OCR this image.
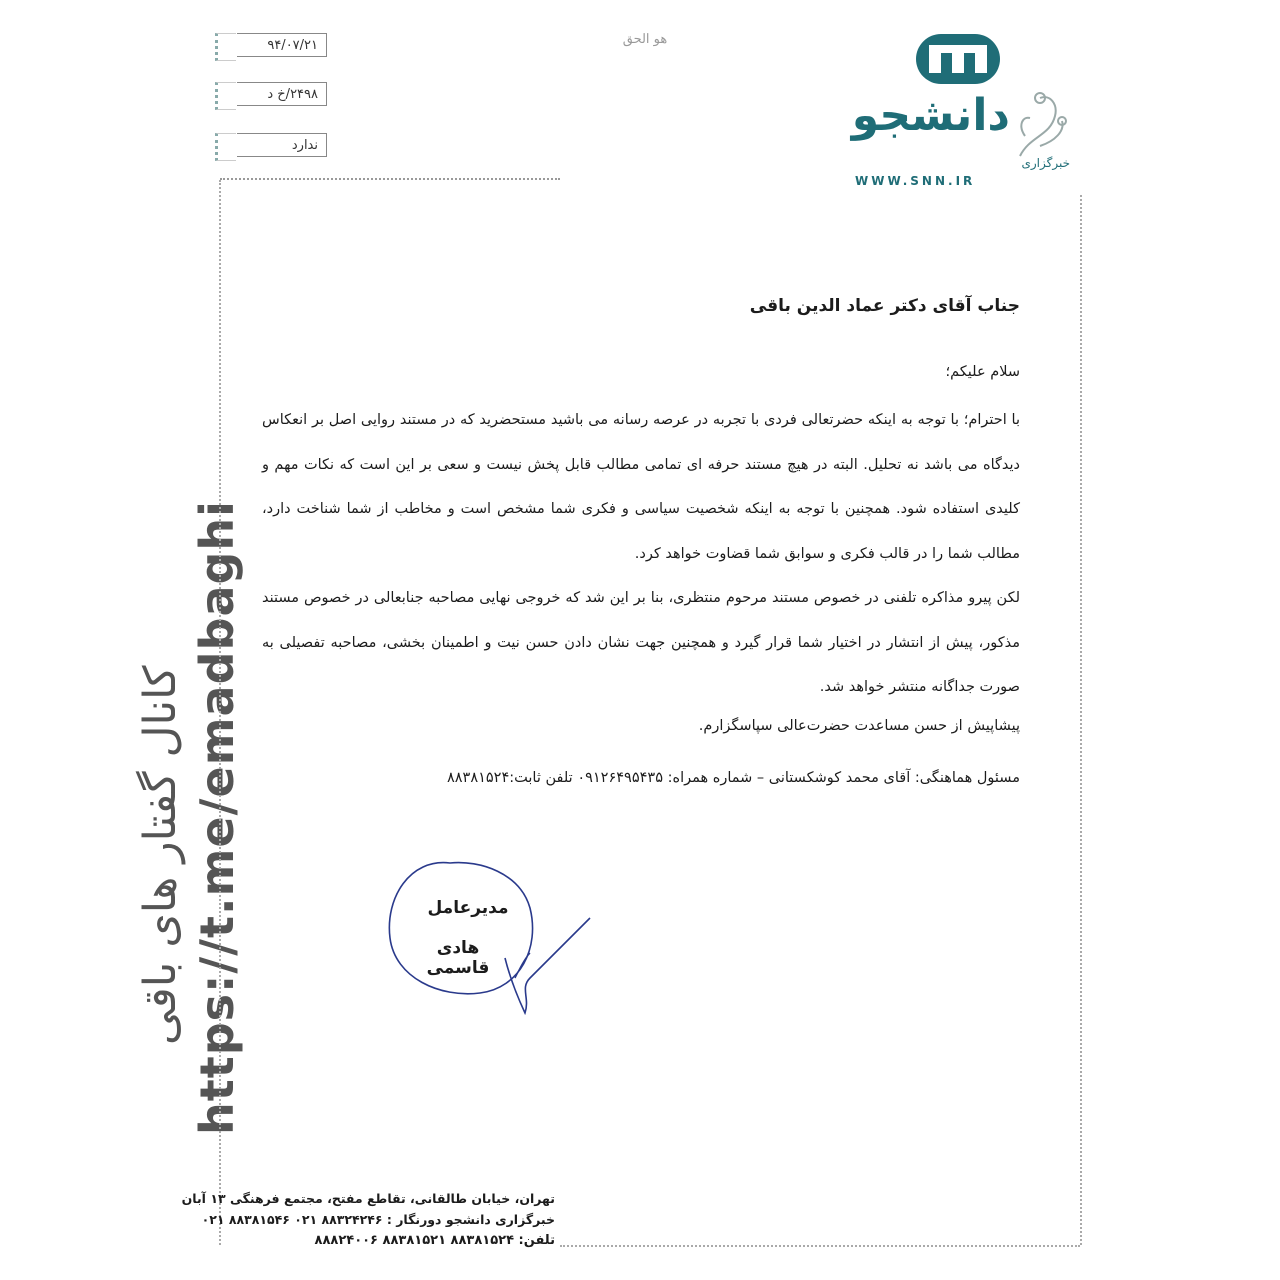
کانال گفتار های باقی https://t.me/emadbaghi
۹۴/۰۷/۲۱
۲۴۹۸/خ د
ندارد
هو الحق
دانشجو
خبرگزاری
WWW.SNN.IR

جناب آقای دکتر عماد الدین باقی

سلام علیکم؛

با احترام؛ با توجه به اینکه حضرتعالی فردی با تجربه در عرصه رسانه می باشید مستحضرید که در مستند روایی اصل بر انعکاس دیدگاه می باشد نه تحلیل. البته در هیچ مستند حرفه ای تمامی مطالب قابل پخش نیست و سعی بر این است که نکات مهم و کلیدی استفاده شود. همچنین با توجه به اینکه شخصیت سیاسی و فکری شما مشخص است و مخاطب از شما شناخت دارد، مطالب شما را در قالب فکری و سوابق شما قضاوت خواهد کرد.

لکن پیرو مذاکره تلفنی در خصوص مستند مرحوم منتظری، بنا بر این شد که خروجی نهایی مصاحبه جنابعالی در خصوص مستند مذکور، پیش از انتشار در اختیار شما قرار گیرد و همچنین جهت نشان دادن حسن نیت و اطمینان بخشی، مصاحبه تفصیلی به صورت جداگانه منتشر خواهد شد.

پیشاپیش از حسن مساعدت حضرت‌عالی سپاسگزارم.

مسئول هماهنگی: آقای محمد کوشکستانی – شماره همراه: ۰۹۱۲۶۴۹۵۴۳۵ تلفن ثابت:۸۸۳۸۱۵۲۴

مدیرعامل
هادی قاسمی

تهران، خیابان طالقانی، تقاطع مفتح، مجتمع فرهنگی ۱۳ آبان

خبرگزاری دانشجو دورنگار : ۸۸۳۲۴۲۴۶ ۰۲۱ ۸۸۳۸۱۵۴۶ ۰۲۱

تلفن: ۸۸۳۸۱۵۲۴ ۸۸۳۸۱۵۲۱ ۸۸۸۲۴۰۰۶
